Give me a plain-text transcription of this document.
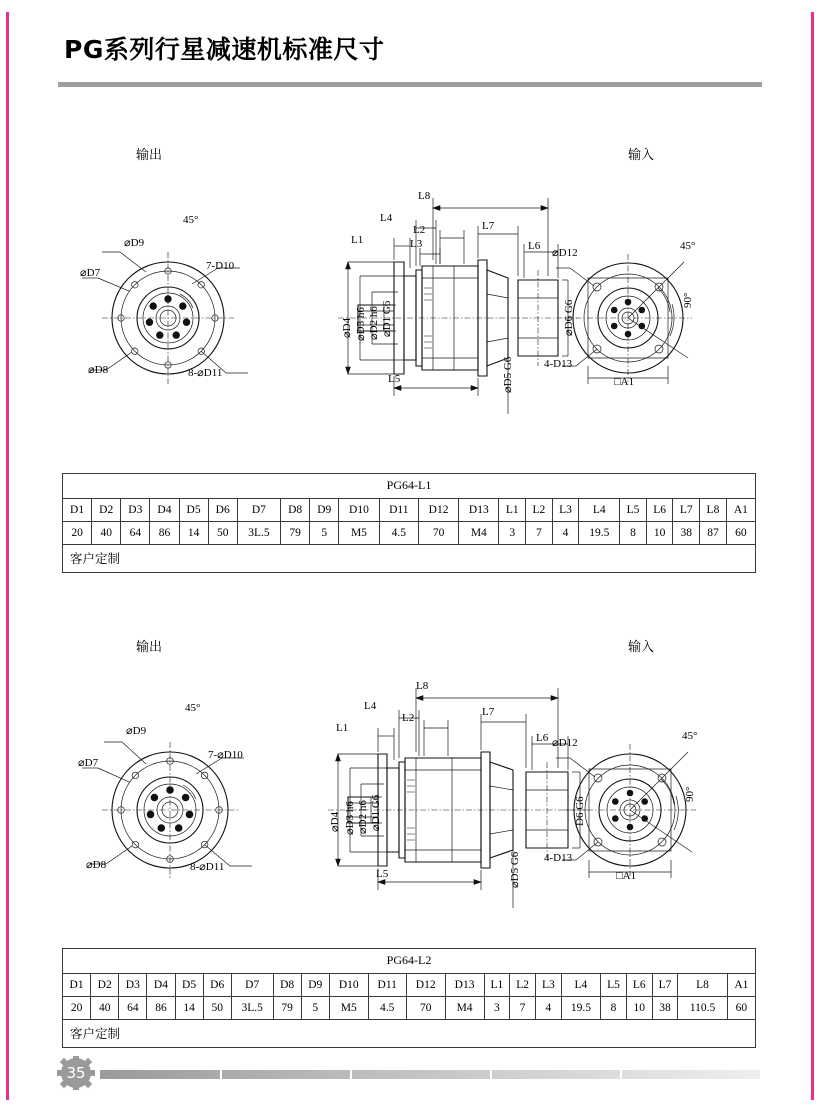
PG系列行星减速机标准尺寸
输出	输入
⌀D9
45°
7-D10
⌀D7
⌀D8	8-⌀D11
L8
L4
L2	L7
L1	L3	L6
⌀D4 ⌀D3 h6 ⌀D2 h6 ⌀D1 G6	⌀D6 G6
L5	⌀D5 G6
⌀D12
45°
90°
4-D13
□A1
PG64-L1																					
D1	D2	D3	D4	D5	D6	D7	D8	D9	D10	D11	D12	D13	L1	L2	L3	L4	L5	L6	L7	L8	A1
20	40	64	86	14	50	3L.5	79	5	M5	4.5	70	M4	3	7	4	19.5	8	10	38	87	60
客户定制																					
输出	输入
⌀D9
45°
7-⌀D10
⌀D7
⌀D8	8-⌀D11
L8
L4
L2	L7
L1
L6
⌀D4 ⌀D3 h6 ⌀D2 h6 ⌀D1 G6	D6 G6
L5	⌀D5 G6
⌀D12
45°
90°
4-D13
□A1
PG64-L2																					
D1	D2	D3	D4	D5	D6	D7	D8	D9	D10	D11	D12	D13	L1	L2	L3	L4	L5	L6	L7	L8	A1
20	40	64	86	14	50	3L.5	79	5	M5	4.5	70	M4	3	7	4	19.5	8	10	38	110.5	60
客户定制																					
35
